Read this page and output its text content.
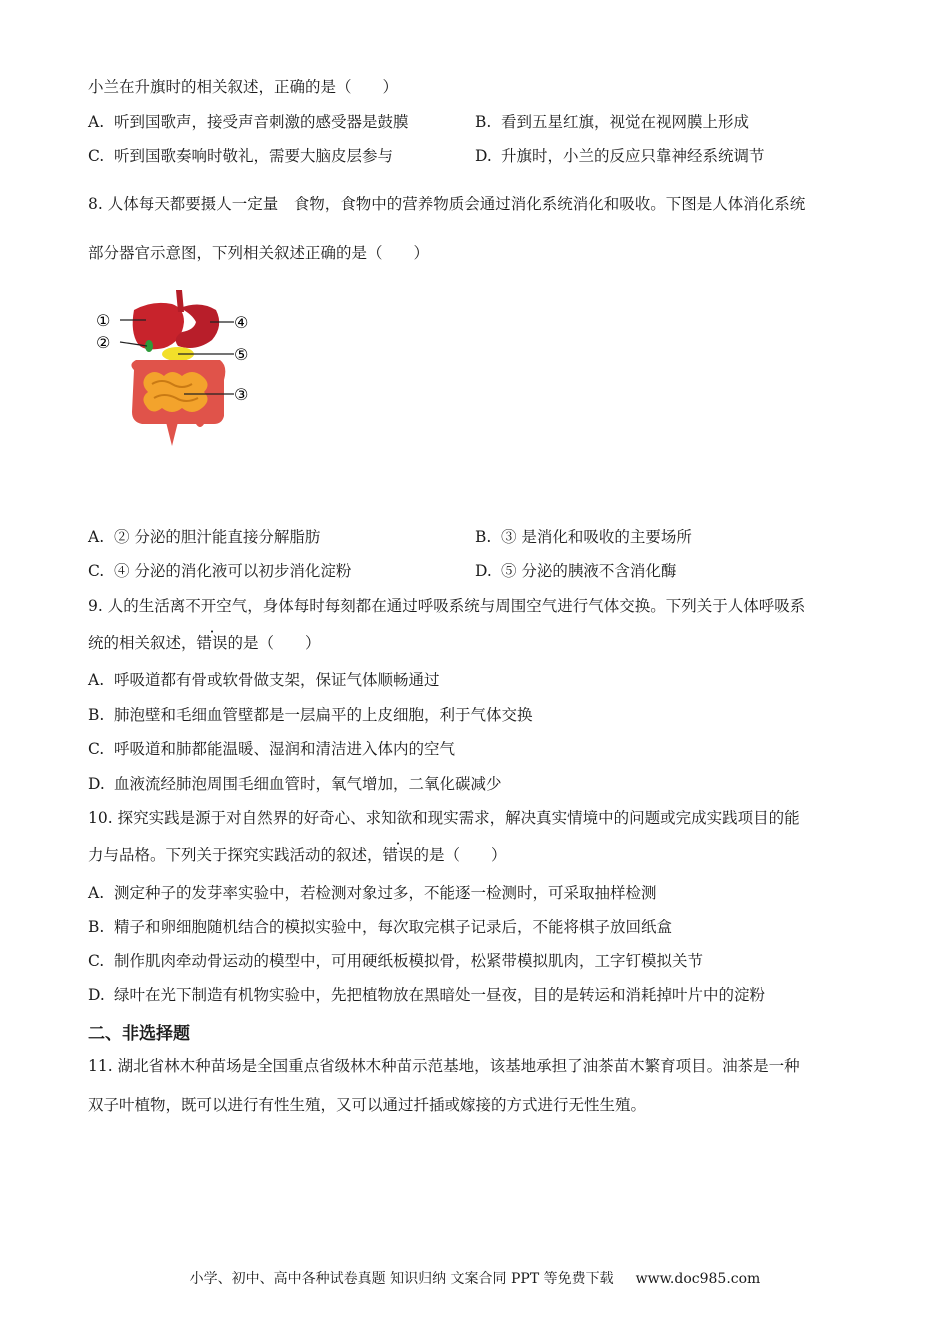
小兰在升旗时的相关叙述，正确的是（　　）
A. 听到国歌声，接受声音刺激的感受器是鼓膜	B. 看到五星红旗，视觉在视网膜上形成
C. 听到国歌奏响时敬礼，需要大脑皮层参与	D. 升旗时，小兰的反应只靠神经系统调节
8. 人体每天都要摄人一定量　食物，食物中的营养物质会通过消化系统消化和吸收。下图是人体消化系统
部分器官示意图，下列相关叙述正确的是（　　）
①
②
③
④
⑤
A. ② 分泌的胆汁能直接分解脂肪	B. ③ 是消化和吸收的主要场所
C. ④ 分泌的消化液可以初步消化淀粉	D. ⑤ 分泌的胰液不含消化酶
9. 人的生活离不开空气，身体每时每刻都在通过呼吸系统与周围空气进行气体交换。下列关于人体呼吸系
统的相关叙述，错误的是（　　）
A. 呼吸道都有骨或软骨做支架，保证气体顺畅通过
B. 肺泡壁和毛细血管壁都是一层扁平的上皮细胞，利于气体交换
C. 呼吸道和肺都能温暖、湿润和清洁进入体内的空气
D. 血液流经肺泡周围毛细血管时，氧气增加，二氧化碳减少
10. 探究实践是源于对自然界的好奇心、求知欲和现实需求，解决真实情境中的问题或完成实践项目的能
力与品格。下列关于探究实践活动的叙述，错误的是（　　）
A. 测定种子的发芽率实验中，若检测对象过多，不能逐一检测时，可采取抽样检测
B. 精子和卵细胞随机结合的模拟实验中，每次取完棋子记录后，不能将棋子放回纸盒
C. 制作肌肉牵动骨运动的模型中，可用硬纸板模拟骨，松紧带模拟肌肉，工字钉模拟关节
D. 绿叶在光下制造有机物实验中，先把植物放在黑暗处一昼夜，目的是转运和消耗掉叶片中的淀粉
二、非选择题
11. 湖北省林木种苗场是全国重点省级林木种苗示范基地，该基地承担了油茶苗木繁育项目。油茶是一种
双子叶植物，既可以进行有性生殖，又可以通过扦插或嫁接的方式进行无性生殖。
小学、初中、高中各种试卷真题 知识归纳 文案合同 PPT 等免费下载 www.doc985.com
